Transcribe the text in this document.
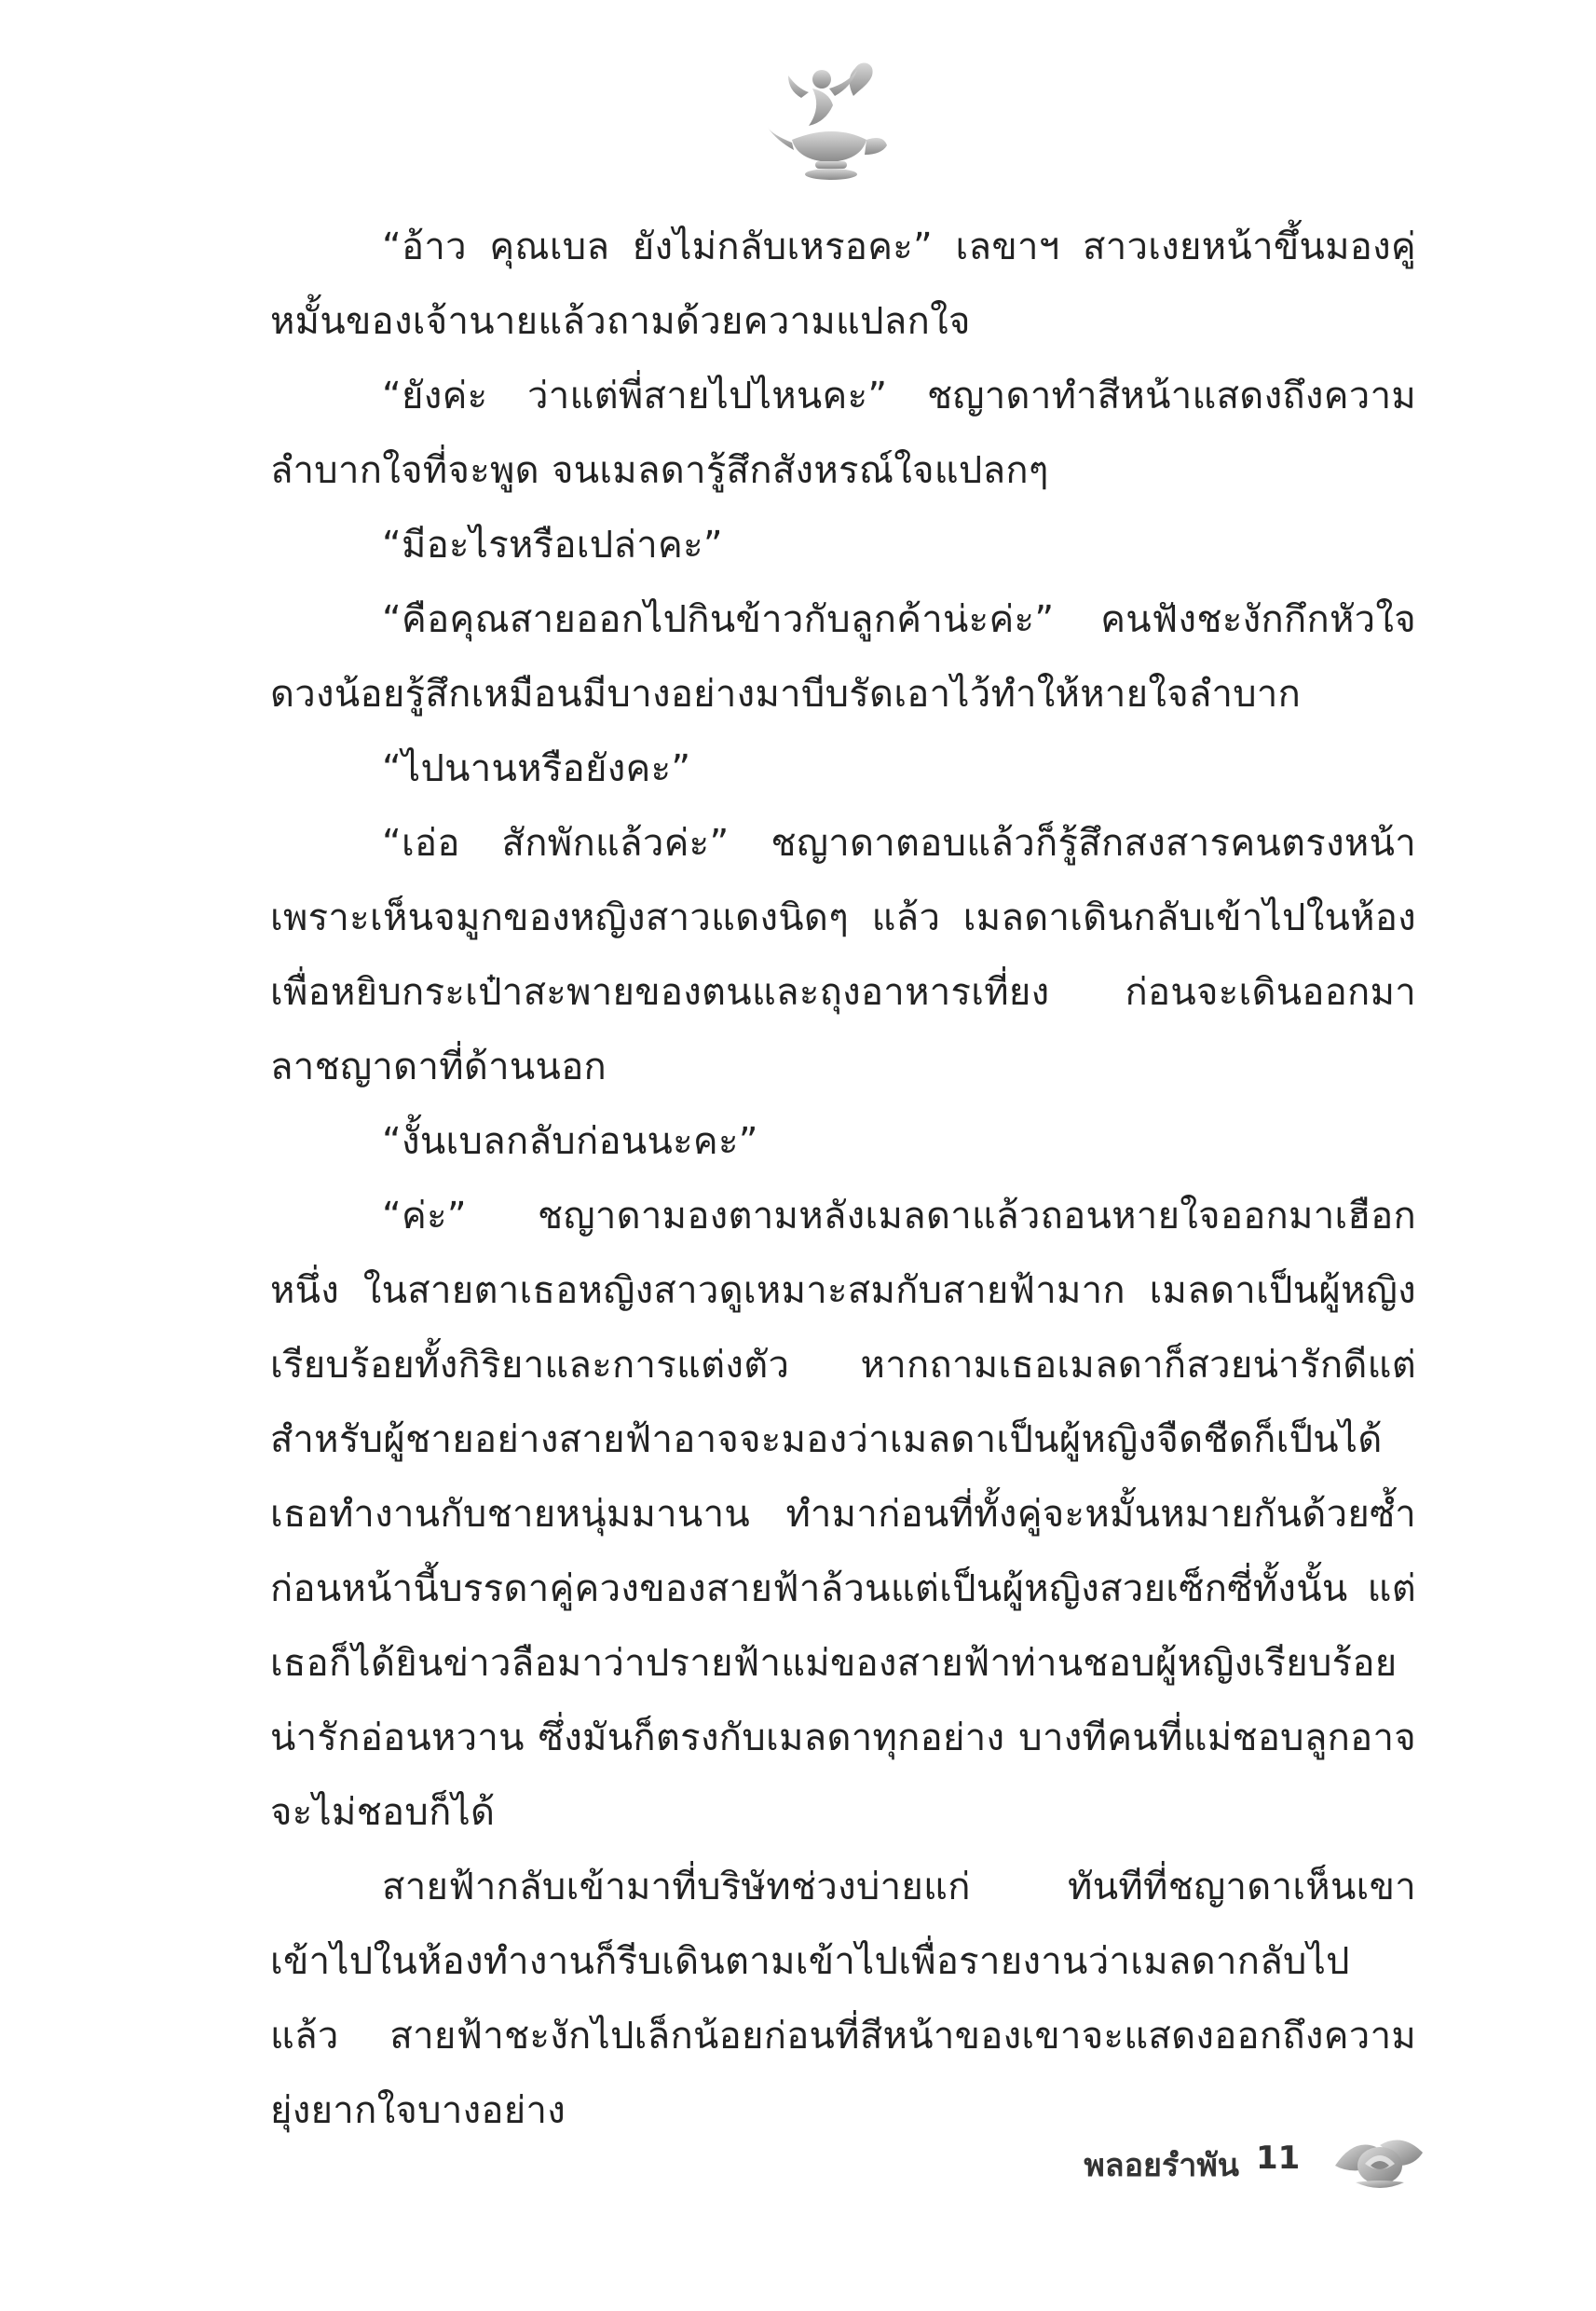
“อ้าว คุณเบล ยังไม่กลับเหรอคะ” เลขาฯ สาวเงยหน้าขึ้นมองคู่หมั้นของเจ้านายแล้วถามด้วยความแปลกใจ

“ยังค่ะ ว่าแต่พี่สายไปไหนคะ” ชญาดาทำสีหน้าแสดงถึงความลำบากใจที่จะพูด จนเมลดารู้สึกสังหรณ์ใจแปลกๆ

“มีอะไรหรือเปล่าคะ”

“คือคุณสายออกไปกินข้าวกับลูกค้าน่ะค่ะ” คนฟังชะงักกึกหัวใจดวงน้อยรู้สึกเหมือนมีบางอย่างมาบีบรัดเอาไว้ทำให้หายใจลำบาก

“ไปนานหรือยังคะ”

“เอ่อ สักพักแล้วค่ะ” ชญาดาตอบแล้วก็รู้สึกสงสารคนตรงหน้าเพราะเห็นจมูกของหญิงสาวแดงนิดๆ แล้ว เมลดาเดินกลับเข้าไปในห้องเพื่อหยิบกระเป๋าสะพายของตนและถุงอาหารเที่ยง ก่อนจะเดินออกมาลาชญาดาที่ด้านนอก

“งั้นเบลกลับก่อนนะคะ”

“ค่ะ” ชญาดามองตามหลังเมลดาแล้วถอนหายใจออกมาเฮือกหนึ่ง ในสายตาเธอหญิงสาวดูเหมาะสมกับสายฟ้ามาก เมลดาเป็นผู้หญิงเรียบร้อยทั้งกิริยาและการแต่งตัว หากถามเธอเมลดาก็สวยน่ารักดีแต่สำหรับผู้ชายอย่างสายฟ้าอาจจะมองว่าเมลดาเป็นผู้หญิงจืดชืดก็เป็นได้ เธอทำงานกับชายหนุ่มมานาน ทำมาก่อนที่ทั้งคู่จะหมั้นหมายกันด้วยซ้ำ ก่อนหน้านี้บรรดาคู่ควงของสายฟ้าล้วนแต่เป็นผู้หญิงสวยเซ็กซี่ทั้งนั้น แต่เธอก็ได้ยินข่าวลือมาว่าปรายฟ้าแม่ของสายฟ้าท่านชอบผู้หญิงเรียบร้อยน่ารักอ่อนหวาน ซึ่งมันก็ตรงกับเมลดาทุกอย่าง บางทีคนที่แม่ชอบลูกอาจจะไม่ชอบก็ได้

สายฟ้ากลับเข้ามาที่บริษัทช่วงบ่ายแก่ ทันทีที่ชญาดาเห็นเขาเข้าไปในห้องทำงานก็รีบเดินตามเข้าไปเพื่อรายงานว่าเมลดากลับไปแล้ว สายฟ้าชะงักไปเล็กน้อยก่อนที่สีหน้าของเขาจะแสดงออกถึงความยุ่งยากใจบางอย่าง

พลอยรำพัน 11
